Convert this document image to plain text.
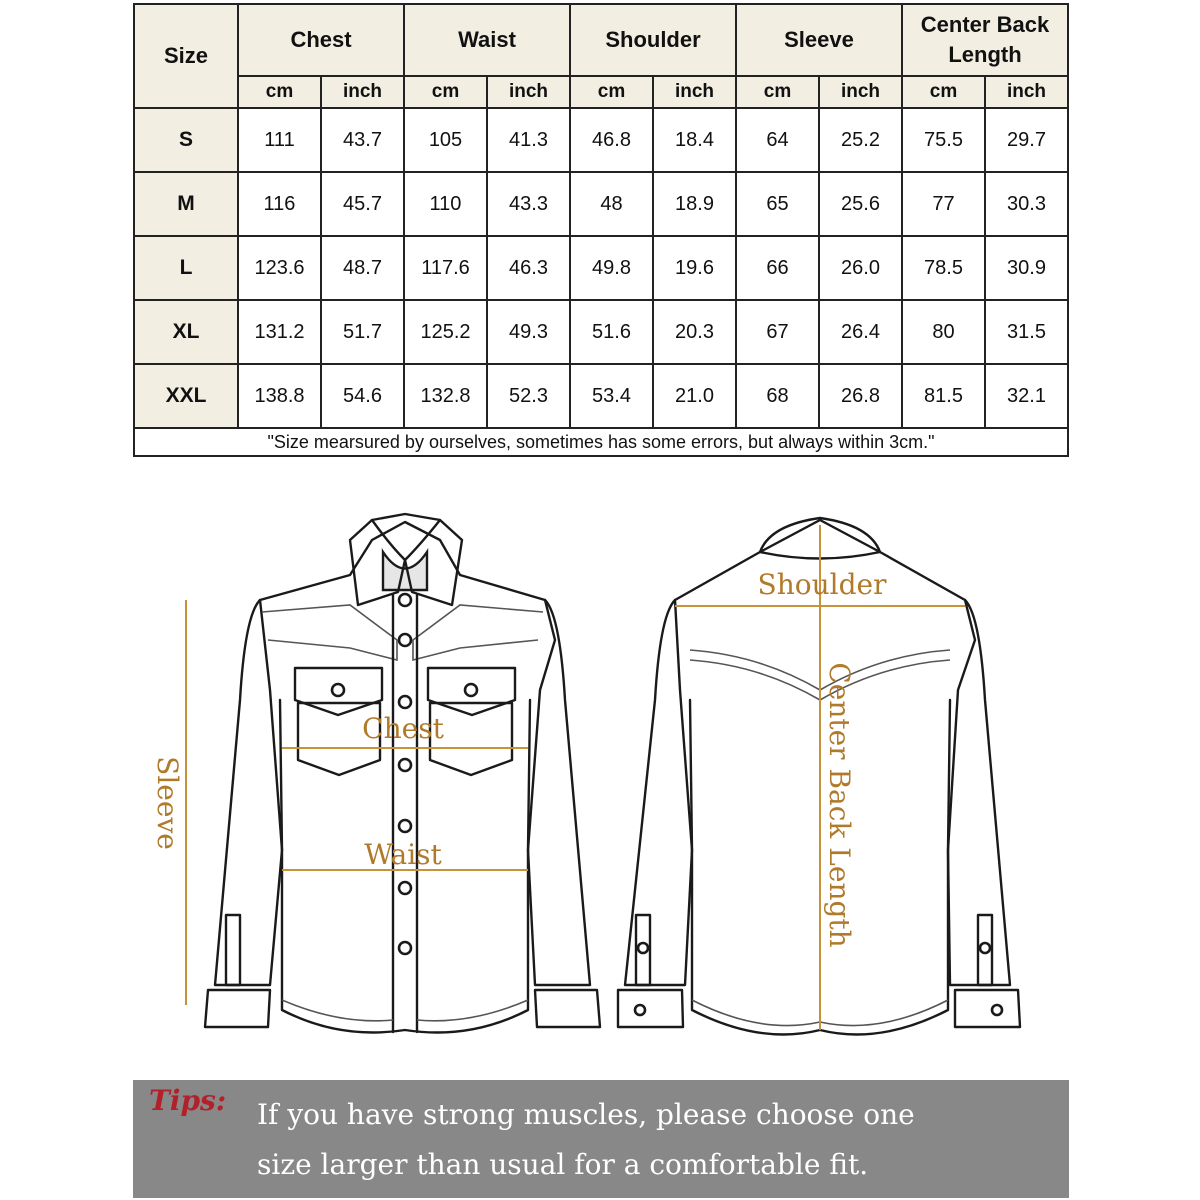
Size	Chest		Waist		Shoulder		Sleeve		Center Back Length	
	cm	inch	cm	inch	cm	inch	cm	inch	cm	inch
S	111	43.7	105	41.3	46.8	18.4	64	25.2	75.5	29.7
M	116	45.7	110	43.3	48	18.9	65	25.6	77	30.3
L	123.6	48.7	117.6	46.3	49.8	19.6	66	26.0	78.5	30.9
XL	131.2	51.7	125.2	49.3	51.6	20.3	67	26.4	80	31.5
XXL	138.8	54.6	132.8	52.3	53.4	21.0	68	26.8	81.5	32.1
"Size mearsured by ourselves, sometimes has some errors, but always within 3cm."										
Chest
Waist
Sleeve
Shoulder
Center Back Length
Tips: If you have strong muscles, please choose one
size larger than usual for a comfortable fit.
